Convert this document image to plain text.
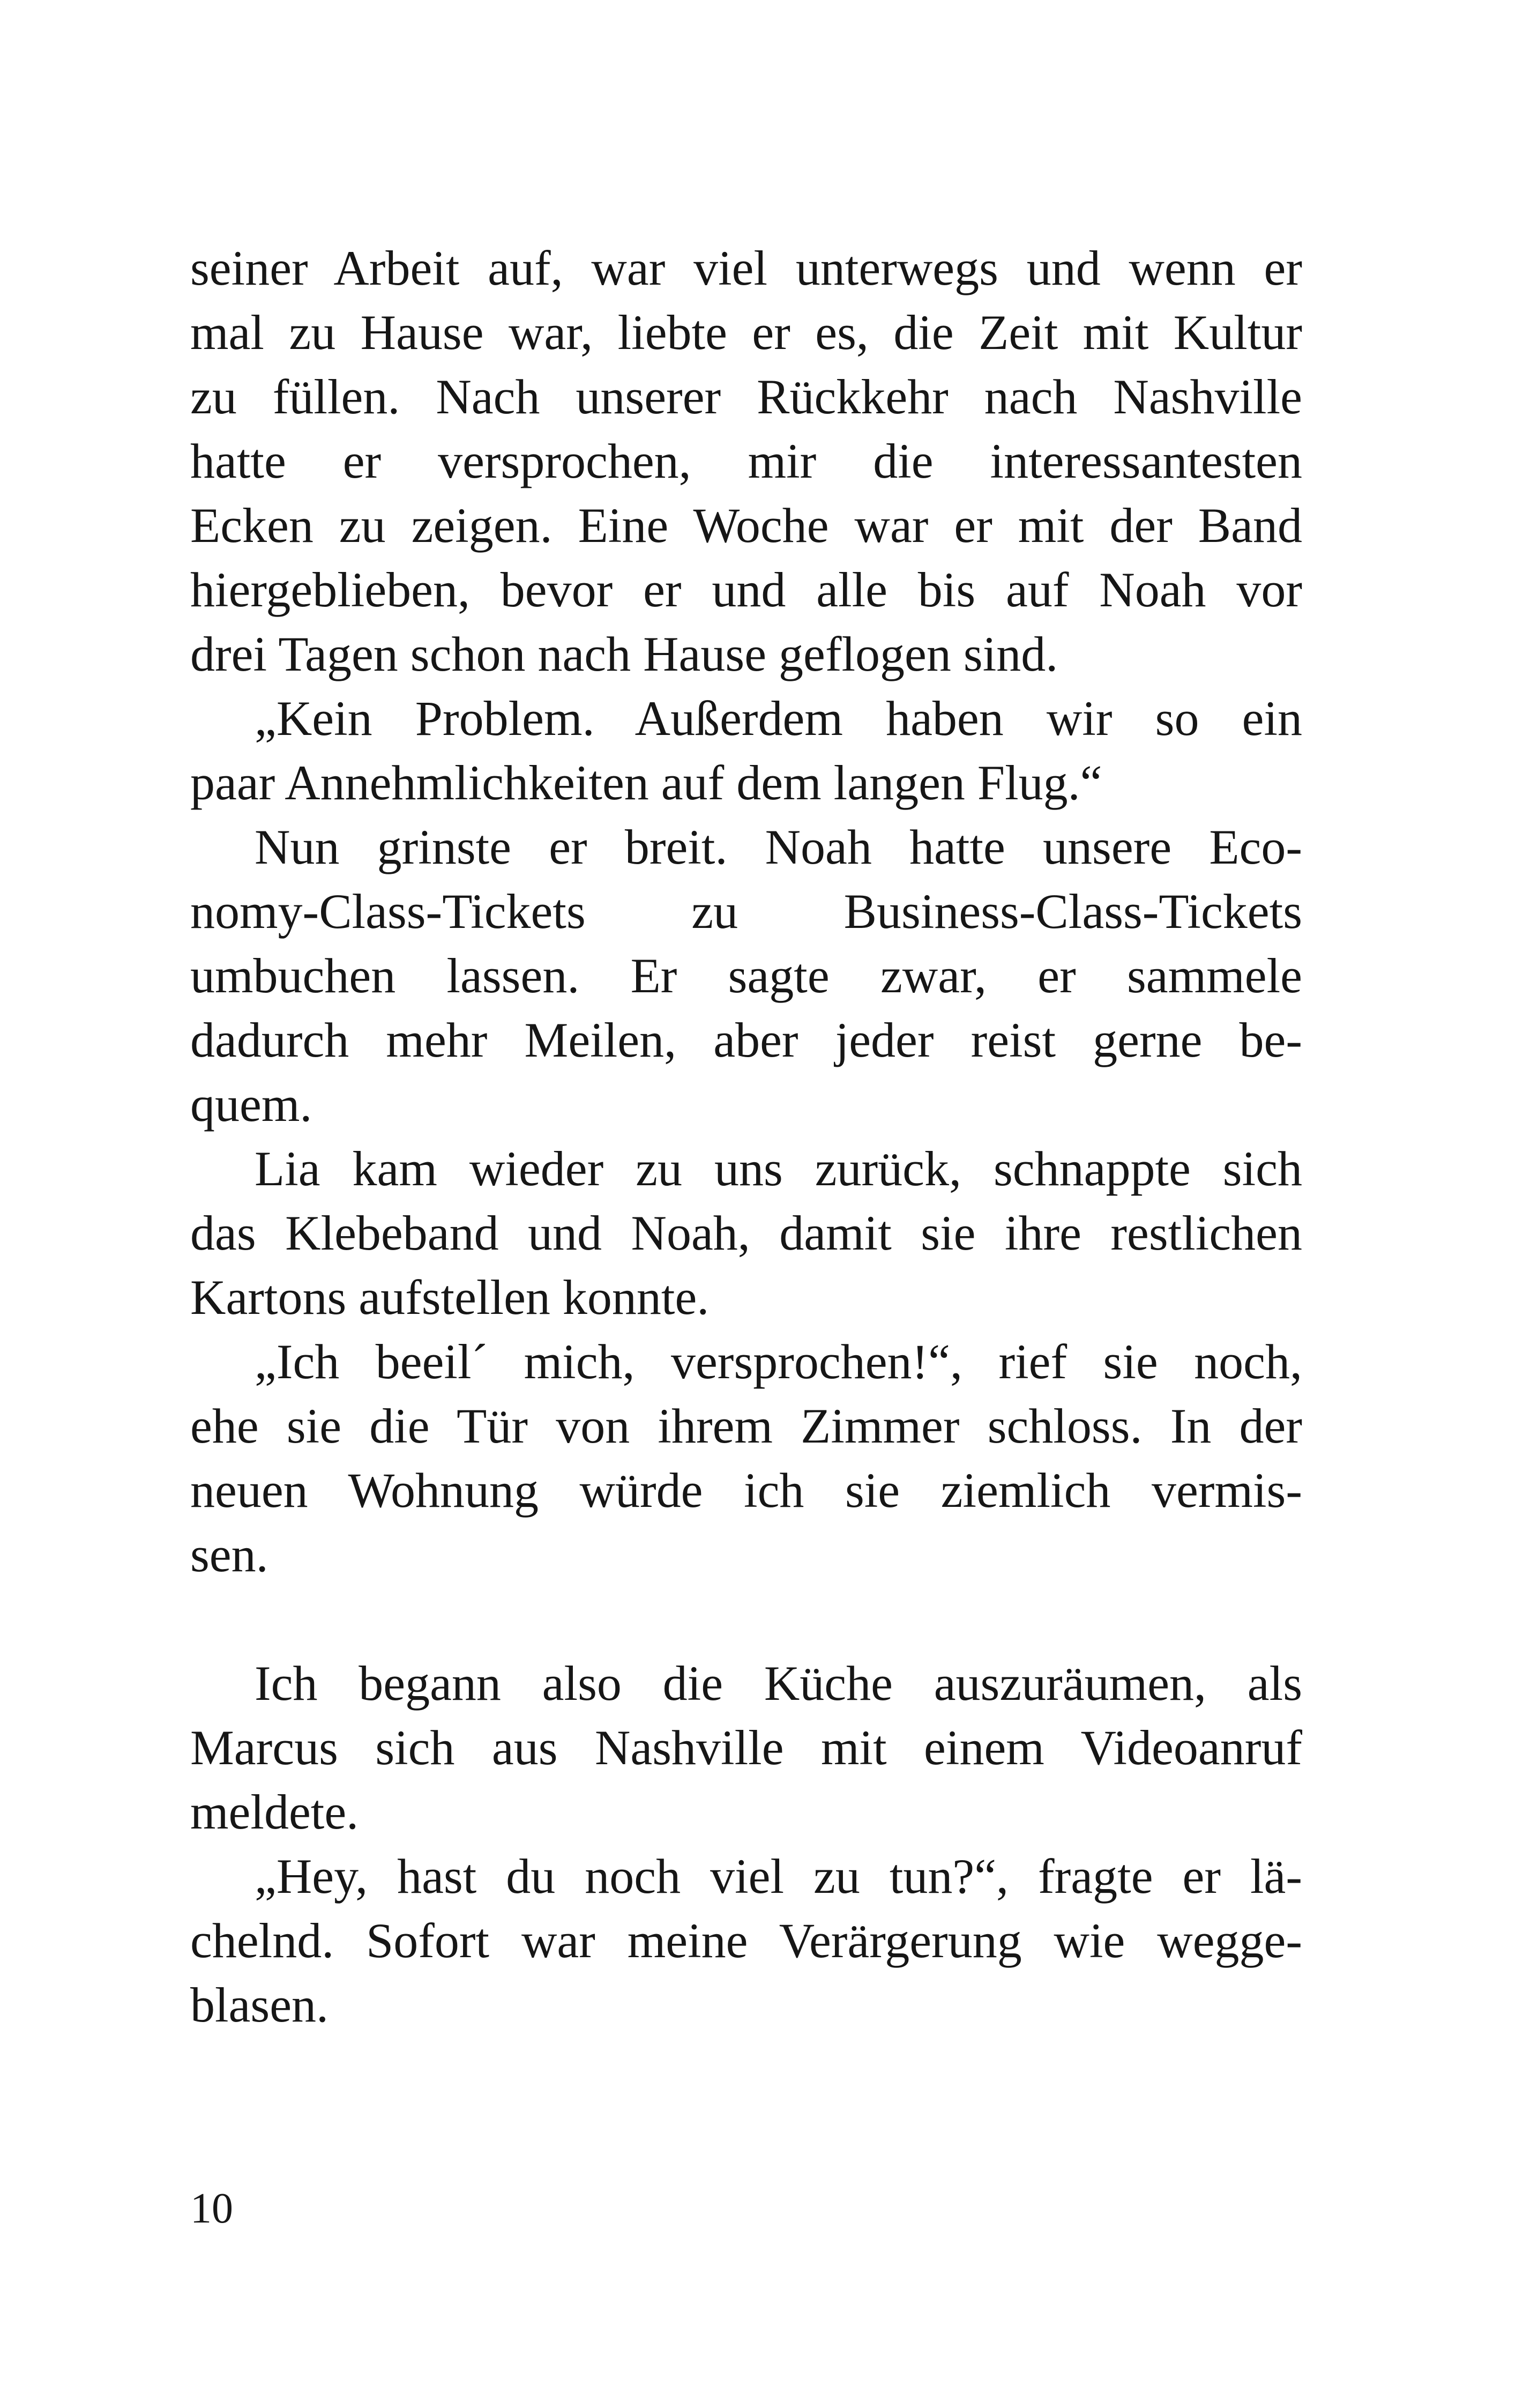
seiner Arbeit auf, war viel unterwegs und wenn er
mal zu Hause war, liebte er es, die Zeit mit Kultur
zu füllen. Nach unserer Rückkehr nach Nashville
hatte er versprochen, mir die interessantesten
Ecken zu zeigen. Eine Woche war er mit der Band
hiergeblieben, bevor er und alle bis auf Noah vor
drei Tagen schon nach Hause geflogen sind.
„Kein Problem. Außerdem haben wir so ein
paar Annehmlichkeiten auf dem langen Flug.“
Nun grinste er breit. Noah hatte unsere Eco-
nomy-Class-Tickets zu Business-Class-Tickets
umbuchen lassen. Er sagte zwar, er sammele
dadurch mehr Meilen, aber jeder reist gerne be-
quem.
Lia kam wieder zu uns zurück, schnappte sich
das Klebeband und Noah, damit sie ihre restlichen
Kartons aufstellen konnte.
„Ich beeil´ mich, versprochen!“, rief sie noch,
ehe sie die Tür von ihrem Zimmer schloss. In der
neuen Wohnung würde ich sie ziemlich vermis-
sen.
Ich begann also die Küche auszuräumen, als
Marcus sich aus Nashville mit einem Videoanruf
meldete.
„Hey, hast du noch viel zu tun?“, fragte er lä-
chelnd. Sofort war meine Verärgerung wie wegge-
blasen.
10
